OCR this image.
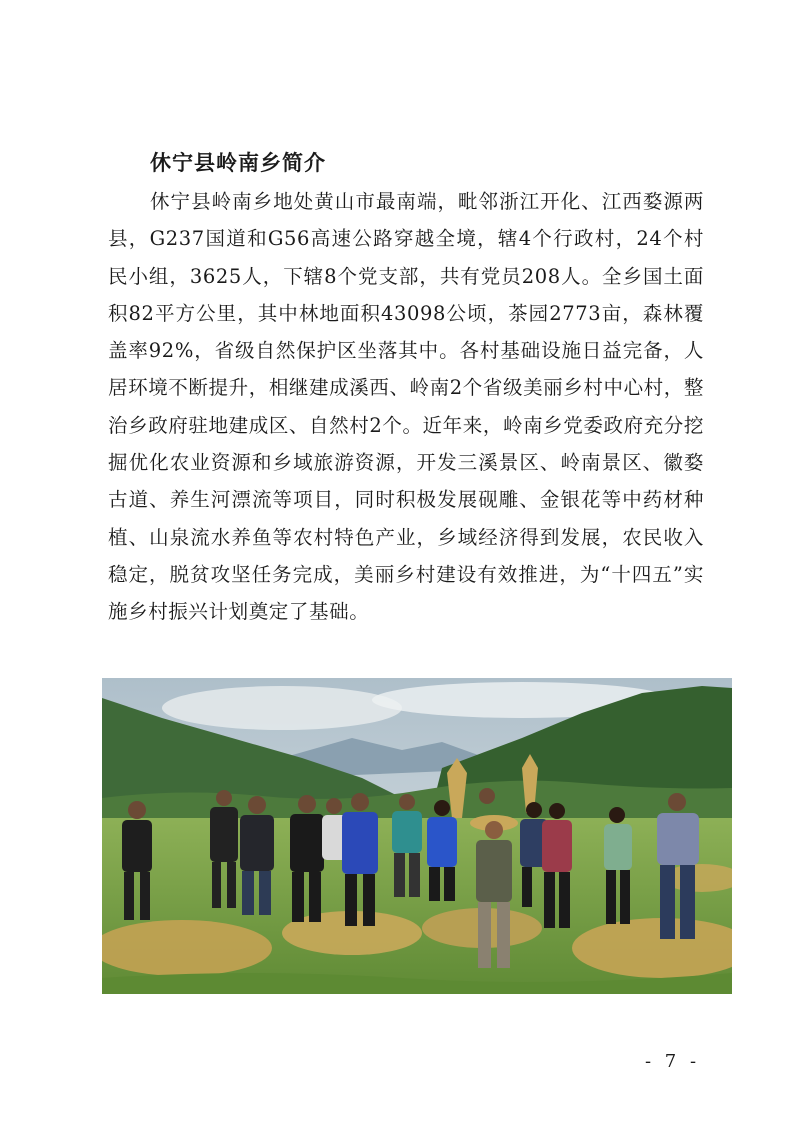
休宁县岭南乡简介

休宁县岭南乡地处黄山市最南端，毗邻浙江开化、江西婺源两县，G237国道和G56高速公路穿越全境，辖4个行政村，24个村民小组，3625人，下辖8个党支部，共有党员208人。全乡国土面积82平方公里，其中林地面积43098公顷，茶园2773亩，森林覆盖率92%，省级自然保护区坐落其中。各村基础设施日益完备，人居环境不断提升，相继建成溪西、岭南2个省级美丽乡村中心村，整治乡政府驻地建成区、自然村2个。近年来，岭南乡党委政府充分挖掘优化农业资源和乡域旅游资源，开发三溪景区、岭南景区、徽婺古道、养生河漂流等项目，同时积极发展砚雕、金银花等中药材种植、山泉流水养鱼等农村特色产业，乡域经济得到发展，农民收入稳定，脱贫攻坚任务完成，美丽乡村建设有效推进，为“十四五”实施乡村振兴计划奠定了基础。

- 7 -
